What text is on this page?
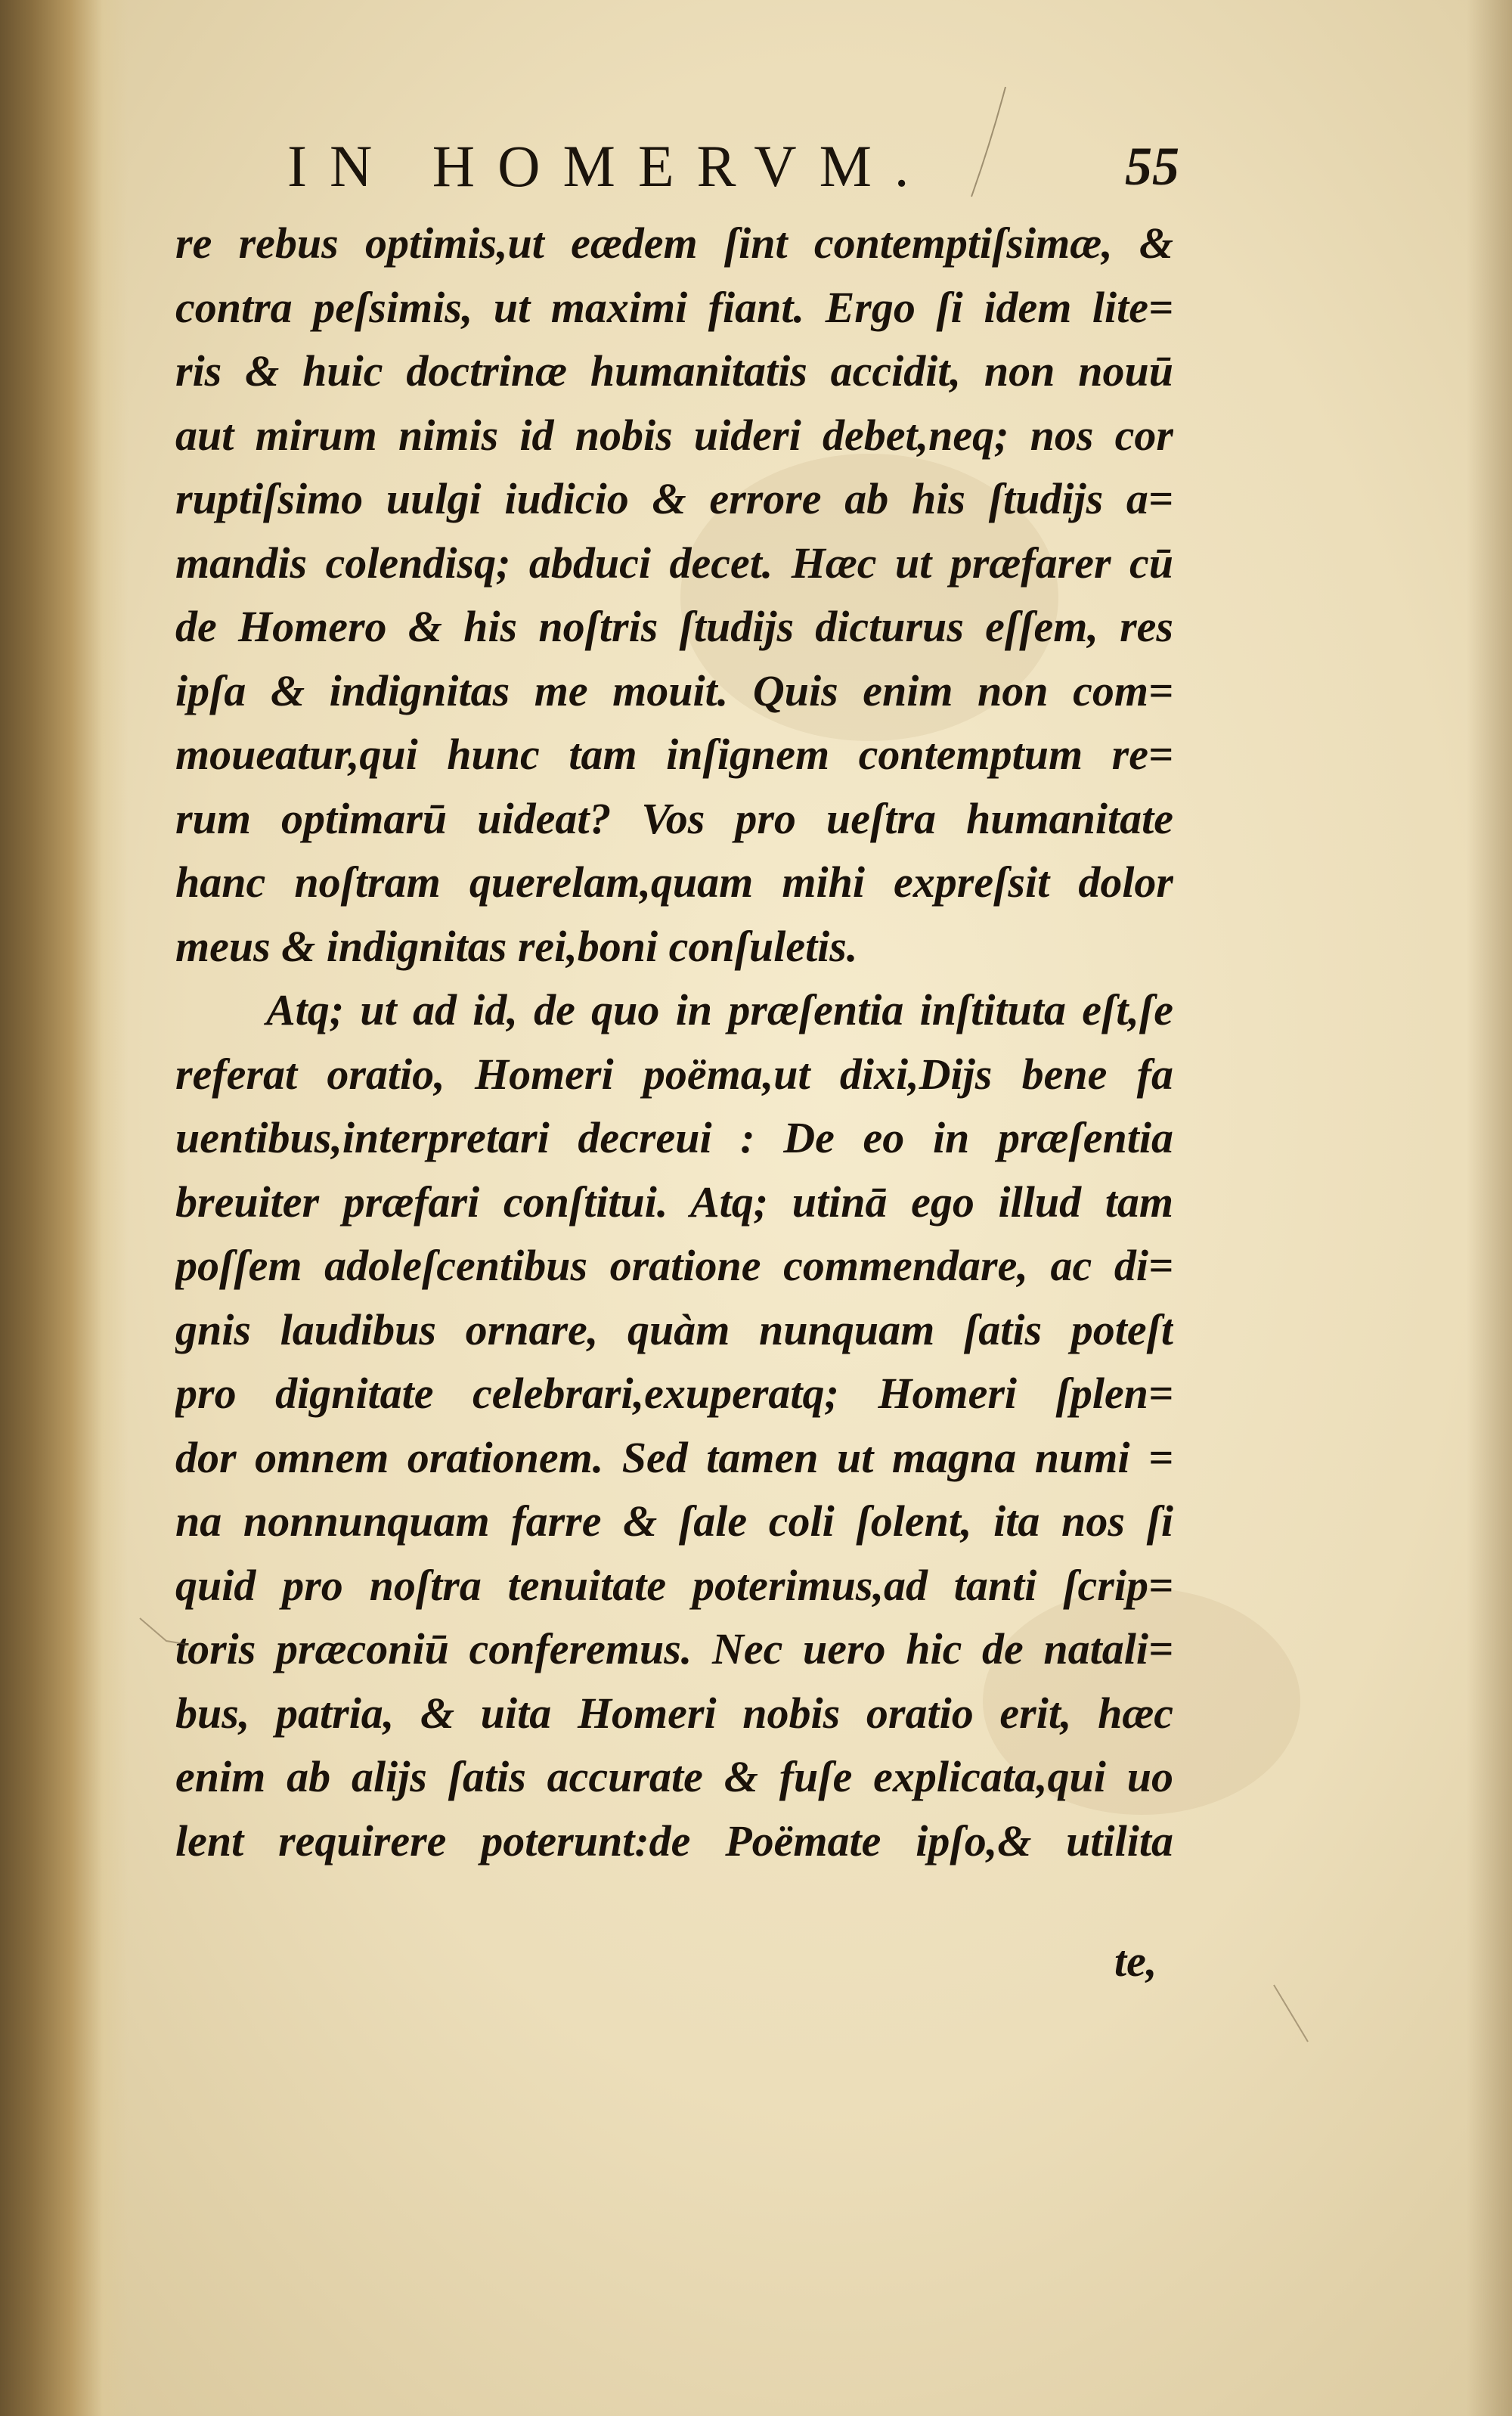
IN HOMERVM.	55
re rebus optimis,ut eædem ſint contemptiſsimæ, &
contra peſsimis, ut maximi fiant. Ergo ſi idem lite=
ris & huic doctrinæ humanitatis accidit, non nouū
aut mirum nimis id nobis uideri debet,neq; nos cor
ruptiſsimo uulgi iudicio & errore ab his ſtudijs a=
mandis colendisq; abduci decet. Hæc ut præfarer cū
de Homero & his noſtris ſtudijs dicturus eſſem, res
ipſa & indignitas me mouit. Quis enim non com=
moueatur,qui hunc tam inſignem contemptum re=
rum optimarū uideat? Vos pro ueſtra humanitate
hanc noſtram querelam,quam mihi expreſsit dolor
meus & indignitas rei,boni conſuletis.
Atq; ut ad id, de quo in præſentia inſtituta eſt,ſe
referat oratio, Homeri poëma,ut dixi,Dijs bene fa
uentibus,interpretari decreui : De eo in præſentia
breuiter præfari conſtitui. Atq; utinā ego illud tam
poſſem adoleſcentibus oratione commendare, ac di=
gnis laudibus ornare, quàm nunquam ſatis poteſt
pro dignitate celebrari,exuperatq; Homeri ſplen=
dor omnem orationem. Sed tamen ut magna numi =
na nonnunquam farre & ſale coli ſolent, ita nos ſi
quid pro noſtra tenuitate poterimus,ad tanti ſcrip=
toris præconiū conferemus. Nec uero hic de natali=
bus, patria, & uita Homeri nobis oratio erit, hæc
enim ab alijs ſatis accurate & fuſe explicata,qui uo
lent requirere poterunt:de Poëmate ipſo,& utilita
te,
